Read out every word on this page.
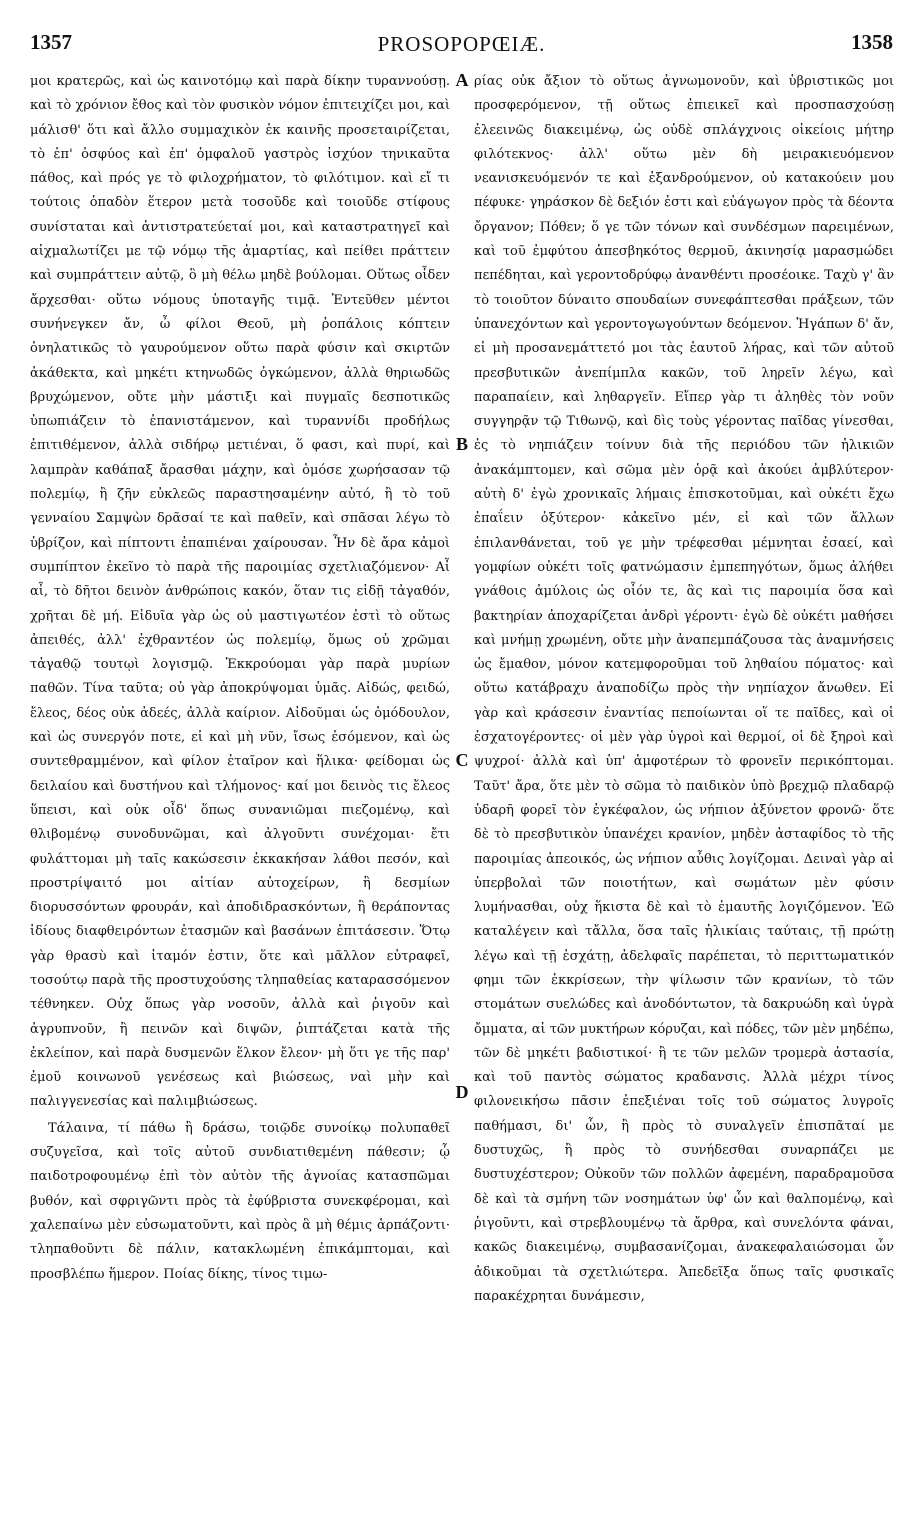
1357	PROSOPOPŒIÆ.	1358

μοι κρατερῶς, καὶ ὡς καινοτόμῳ καὶ παρὰ δίκην τυραννούσῃ. καὶ τὸ χρόνιον ἔθος καὶ τὸν φυσικὸν νόμον ἐπιτειχίζει μοι, καὶ μάλισθ' ὅτι καὶ ἄλλο συμμαχικὸν ἐκ καινῆς προσεταιρίζεται, τὸ ἐπ' ὀσφύος καὶ ἐπ' ὀμφαλοῦ γαστρὸς ἰσχύον τηνικαῦτα πάθος, καὶ πρός γε τὸ φιλοχρήματον, τὸ φιλότιμον. καὶ εἴ τι τούτοις ὁπαδὸν ἕτερον μετὰ τοσοῦδε καὶ τοιοῦδε στίφους συνίσταται καὶ ἀντιστρατεύεταί μοι, καὶ καταστρατηγεῖ καὶ αἰχμαλωτίζει με τῷ νόμῳ τῆς ἁμαρτίας, καὶ πείθει πράττειν καὶ συμπράττειν αὐτῷ, ὃ μὴ θέλω μηδὲ βούλομαι. Οὕτως οἶδεν ἄρχεσθαι· οὕτω νόμους ὑποταγῆς τιμᾷ. Ἐντεῦθεν μέντοι συνήνεγκεν ἄν, ὦ φίλοι Θεοῦ, μὴ ῥοπάλοις κόπτειν ὀνηλατικῶς τὸ γαυρούμενον οὕτω παρὰ φύσιν καὶ σκιρτῶν ἀκάθεκτα, καὶ μηκέτι κτηνωδῶς ὀγκώμενον, ἀλλὰ θηριωδῶς βρυχώμενον, οὔτε μὴν μάστιξι καὶ πυγμαῖς δεσποτικῶς ὑπωπιάζειν τὸ ἐπανιστάμενον, καὶ τυραννίδι προδήλως ἐπιτιθέμενον, ἀλλὰ σιδήρῳ μετιέναι, ὅ φασι, καὶ πυρί, καὶ λαμπρὰν καθάπαξ ἄρασθαι μάχην, καὶ ὁμόσε χωρήσασαν τῷ πολεμίῳ, ἢ ζῆν εὐκλεῶς παραστησαμένην αὐτό, ἢ τὸ τοῦ γενναίου Σαμψὼν δρᾶσαί τε καὶ παθεῖν, καὶ σπᾶσαι λέγω τὸ ὑβρίζον, καὶ πίπτοντι ἐπαπιέναι χαίρουσαν. Ἦν δὲ ἄρα κἀμοὶ συμπίπτον ἐκεῖνο τὸ παρὰ τῆς παροιμίας σχετλιαζόμενον· Αἶ αἶ, τὸ δῆτοι δεινὸν ἀνθρώποις κακόν, ὅταν τις εἰδῇ τἀγαθόν, χρῆται δὲ μή. Εἰδυῖα γὰρ ὡς οὐ μαστιγωτέον ἐστὶ τὸ οὕτως ἀπειθές, ἀλλ' ἐχθραντέον ὡς πολεμίῳ, ὅμως οὐ χρῶμαι τἀγαθῷ τουτῳὶ λογισμῷ. Ἐκκρούομαι γὰρ παρὰ μυρίων παθῶν. Τίνα ταῦτα; οὐ γὰρ ἀποκρύψομαι ὑμᾶς. Αἰδώς, φειδώ, ἔλεος, δέος οὐκ ἀδεές, ἀλλὰ καίριον. Αἰδοῦμαι ὡς ὁμόδουλον, καὶ ὡς συνεργόν ποτε, εἰ καὶ μὴ νῦν, ἴσως ἐσόμενον, καὶ ὡς συντεθραμμένον, καὶ φίλον ἑταῖρον καὶ ἥλικα· φείδομαι ὡς δειλαίου καὶ δυστήνου καὶ τλήμονος· καί μοι δεινὸς τις ἔλεος ὕπεισι, καὶ οὐκ οἶδ' ὅπως συνανιῶμαι πιεζομένῳ, καὶ θλιβομένῳ συνοδυνῶμαι, καὶ ἀλγοῦντι συνέχομαι· ἔτι φυλάττομαι μὴ ταῖς κακώσεσιν ἐκκακήσαν λάθοι πεσόν, καὶ προστρίψαιτό μοι αἰτίαν αὐτοχείρων, ἢ δεσμίων διορυσσόντων φρουράν, καὶ ἀποδιδρασκόντων, ἢ θεράποντας ἰδίους διαφθειρόντων ἐτασμῶν καὶ βασάνων ἐπιτάσεσιν. Ὅτῳ γὰρ θρασὺ καὶ ἰταμόν ἐστιν, ὅτε καὶ μᾶλλον εὐτραφεῖ, τοσούτῳ παρὰ τῆς προστυχούσης τληπαθείας καταρασσόμενον τέθνηκεν. Οὐχ ὅπως γὰρ νοσοῦν, ἀλλὰ καὶ ῥιγοῦν καὶ ἀγρυπνοῦν, ἢ πεινῶν καὶ διψῶν, ῥιπτάζεται κατὰ τῆς ἐκλείπον, καὶ παρὰ δυσμενῶν ἕλκον ἔλεον· μὴ ὅτι γε τῆς παρ' ἐμοῦ κοινωνοῦ γενέσεως καὶ βιώσεως, ναὶ μὴν καὶ παλιγγενεσίας καὶ παλιμβιώσεως.

Τάλαινα, τί πάθω ἢ δράσω, τοιῷδε συνοίκῳ πολυπαθεῖ συζυγεῖσα, καὶ τοῖς αὐτοῦ συνδιατιθεμένη πάθεσιν; ᾧ παιδοτροφουμένῳ ἐπὶ τὸν αὐτὸν τῆς ἀγνοίας κατασπῶμαι βυθόν, καὶ σφριγῶντι πρὸς τὰ ἐφύβριστα συνεκφέρομαι, καὶ χαλεπαίνω μὲν εὐσωματοῦντι, καὶ πρὸς ἃ μὴ θέμις ἁρπάζοντι· τληπαθοῦντι δὲ πάλιν, κατακλωμένη ἐπικάμπτομαι, καὶ προσβλέπω ἥμερον. Ποίας δίκης, τίνος τιμω-

A
B
C
D

ρίας οὐκ ἄξιον τὸ οὕτως ἀγνωμονοῦν, καὶ ὑβριστικῶς μοι προσφερόμενον, τῇ οὕτως ἐπιεικεῖ καὶ προσπασχούσῃ ἐλεεινῶς διακειμένῳ, ὡς οὐδὲ σπλάγχνοις οἰκείοις μήτηρ φιλότεκνος· ἀλλ' οὕτω μὲν δὴ μειρακιευόμενον νεανισκευόμενόν τε καὶ ἐξανδρούμενον, οὐ κατακούειν μου πέφυκε· γηράσκον δὲ δεξιόν ἐστι καὶ εὐάγωγον πρὸς τὰ δέοντα ὄργανον; Πόθεν; ὅ γε τῶν τόνων καὶ συνδέσμων παρειμένων, καὶ τοῦ ἐμφύτου ἀπεσβηκότος θερμοῦ, ἀκινησίᾳ μαρασμώδει πεπέδηται, καὶ γεροντοδρύφῳ ἀνανθέντι προσέοικε. Ταχὺ γ' ἂν τὸ τοιοῦτον δύναιτο σπουδαίων συνεφάπτεσθαι πράξεων, τῶν ὑπανεχόντων καὶ γεροντογωγούντων δεόμενον. Ἠγάπων δ' ἄν, εἰ μὴ προσανεμάττετό μοι τὰς ἑαυτοῦ λήρας, καὶ τῶν αὐτοῦ πρεσβυτικῶν ἀνεπίμπλα κακῶν, τοῦ ληρεῖν λέγω, καὶ παραπαίειν, καὶ ληθαργεῖν. Εἴπερ γὰρ τι ἀληθὲς τὸν νοῦν συγγηρᾷν τῷ Τιθωνῷ, καὶ δὶς τοὺς γέροντας παῖδας γίνεσθαι, ἐς τὸ νηπιάζειν τοίνυν διὰ τῆς περιόδου τῶν ἡλικιῶν ἀνακάμπτομεν, καὶ σῶμα μὲν ὁρᾷ καὶ ἀκούει ἀμβλύτερον· αὐτὴ δ' ἐγὼ χρονικαῖς λήμαις ἐπισκοτοῦμαι, καὶ οὐκέτι ἔχω ἐπαΐειν ὀξύτερον· κἀκεῖνο μέν, εἰ καὶ τῶν ἄλλων ἐπιλανθάνεται, τοῦ γε μὴν τρέφεσθαι μέμνηται ἐσαεί, καὶ γομφίων οὐκέτι τοῖς φατνώμασιν ἐμπεπηγότων, ὅμως ἀλήθει γνάθοις ἀμύλοις ὡς οἷόν τε, ἃς καὶ τις παροιμία ὅσα καὶ βακτηρίαν ἀποχαρίζεται ἀνδρὶ γέροντι· ἐγὼ δὲ οὐκέτι μαθήσει καὶ μνήμῃ χρωμένη, οὔτε μὴν ἀναπεμπάζουσα τὰς ἀναμνήσεις ὡς ἔμαθον, μόνον κατεμφοροῦμαι τοῦ ληθαίου πόματος· καὶ οὕτω κατάβραχυ ἀναποδίζω πρὸς τὴν νηπίαχον ἄνωθεν. Εἰ γὰρ καὶ κράσεσιν ἐναντίας πεποίωνται οἵ τε παῖδες, καὶ οἱ ἐσχατογέροντες· οἱ μὲν γὰρ ὑγροὶ καὶ θερμοί, οἱ δὲ ξηροὶ καὶ ψυχροί· ἀλλὰ καὶ ὑπ' ἀμφοτέρων τὸ φρονεῖν περικόπτομαι. Ταῦτ' ἄρα, ὅτε μὲν τὸ σῶμα τὸ παιδικὸν ὑπὸ βρεχμῷ πλαδαρῷ ὑδαρῆ φορεῖ τὸν ἐγκέφαλον, ὡς νήπιον ἀξύνετον φρονῶ· ὅτε δὲ τὸ πρεσβυτικὸν ὑπανέχει κρανίον, μηδὲν ἀσταφίδος τὸ τῆς παροιμίας ἀπεοικός, ὡς νήπιον αὖθις λογίζομαι. Δειναὶ γὰρ αἱ ὑπερβολαὶ τῶν ποιοτήτων, καὶ σωμάτων μὲν φύσιν λυμήνασθαι, οὐχ ἥκιστα δὲ καὶ τὸ ἐμαυτῆς λογιζόμενον. Ἐῶ καταλέγειν καὶ τἄλλα, ὅσα ταῖς ἡλικίαις ταύταις, τῇ πρώτῃ λέγω καὶ τῇ ἐσχάτῃ, ἀδελφαῖς παρέπεται, τὸ περιττωματικόν φημι τῶν ἐκκρίσεων, τὴν ψίλωσιν τῶν κρανίων, τὸ τῶν στομάτων συελώδες καὶ ἀνοδόντωτον, τὰ δακρυώδη καὶ ὑγρὰ ὄμματα, αἱ τῶν μυκτήρων κόρυζαι, καὶ πόδες, τῶν μὲν μηδέπω, τῶν δὲ μηκέτι βαδιστικοί· ἢ τε τῶν μελῶν τρομερὰ ἀστασία, καὶ τοῦ παντὸς σώματος κραδανσις. Ἀλλὰ μέχρι τίνος φιλονεικήσω πᾶσιν ἐπεξιέναι τοῖς τοῦ σώματος λυγροῖς παθήμασι, δι' ὧν, ἢ πρὸς τὸ συναλγεῖν ἐπισπᾶταί με δυστυχῶς, ἢ πρὸς τὸ συνήδεσθαι συναρπάζει με δυστυχέστερον; Οὐκοῦν τῶν πολλῶν ἀφεμένη, παραδραμοῦσα δὲ καὶ τὰ σμήνη τῶν νοσημάτων ὑφ' ὧν καὶ θαλπομένῳ, καὶ ῥιγοῦντι, καὶ στρεβλουμένῳ τὰ ἄρθρα, καὶ συνελόντα φάναι, κακῶς διακειμένῳ, συμβασανίζομαι, ἀνακεφαλαιώσομαι ὧν ἀδικοῦμαι τὰ σχετλιώτερα. Ἀπεδεῖξα ὅπως ταῖς φυσικαῖς παρακέχρηται δυνάμεσιν,
